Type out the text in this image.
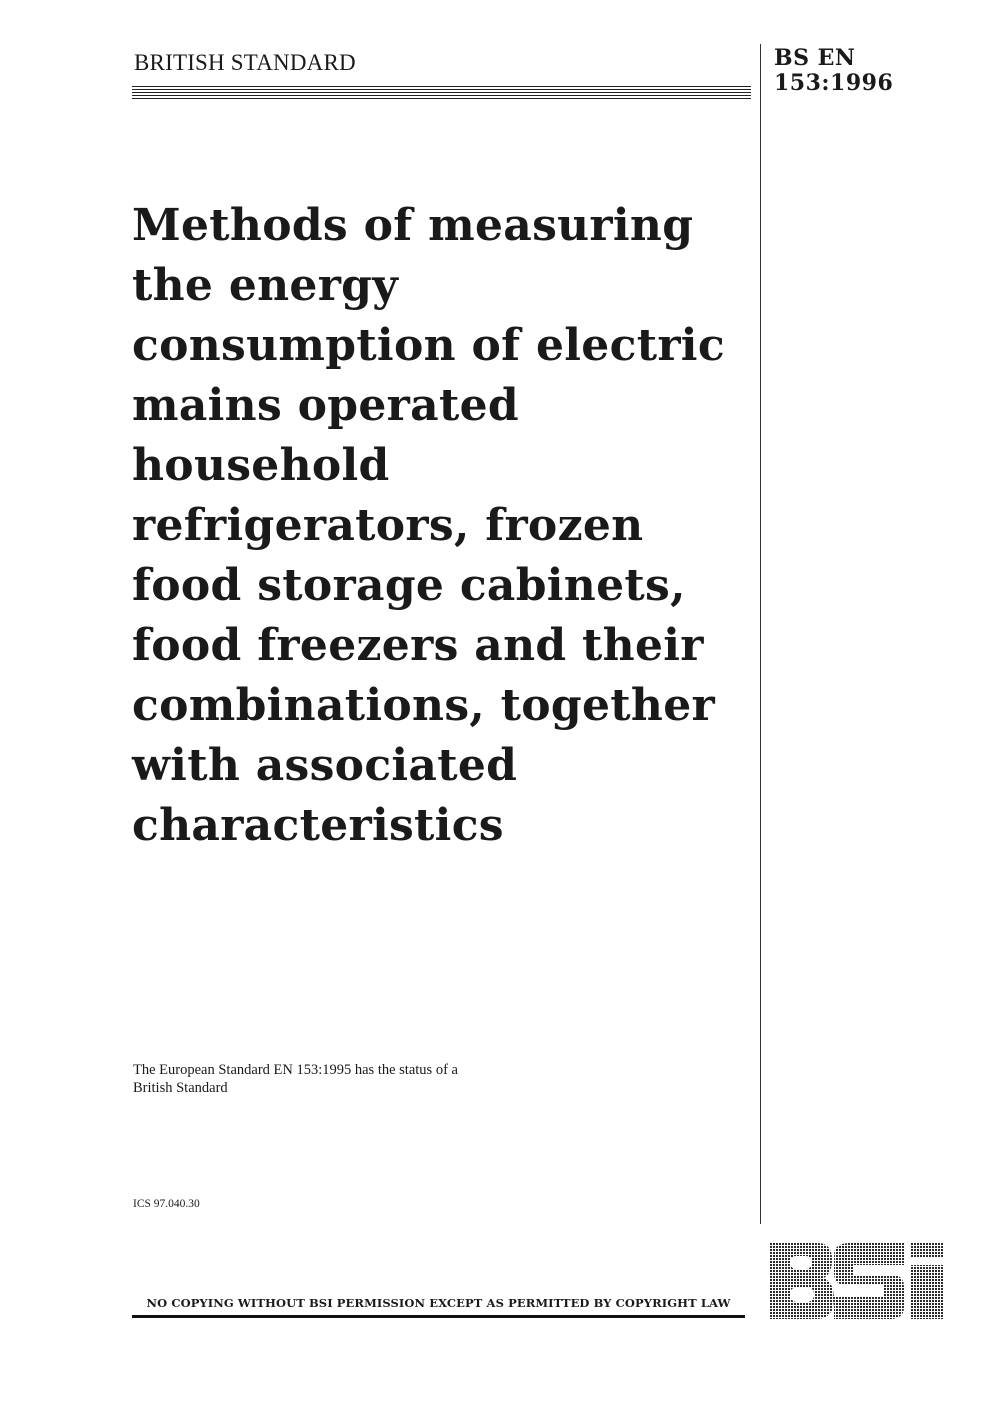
BRITISH STANDARD	BS EN
153:1996
Methods of measuring
the energy
consumption of electric
mains operated
household
refrigerators, frozen
food storage cabinets,
food freezers and their
combinations, together
with associated
characteristics
The European Standard EN 153:1995 has the status of a
British Standard
ICS 97.040.30
NO COPYING WITHOUT BSI PERMISSION EXCEPT AS PERMITTED BY COPYRIGHT LAW
